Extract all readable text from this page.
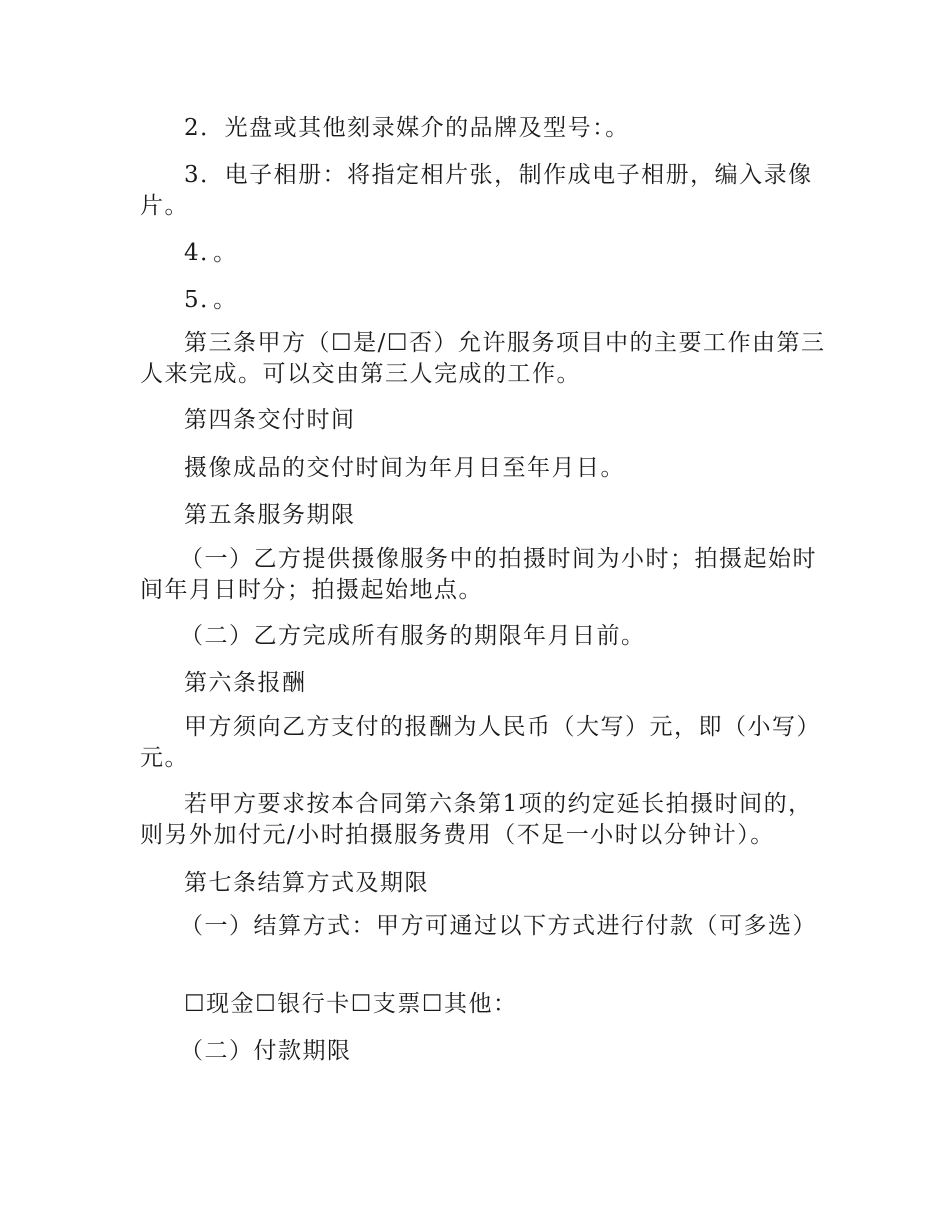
2．光盘或其他刻录媒介的品牌及型号：。

3．电子相册：将指定相片张，制作成电子相册，编入录像片。

4．。

5．。

第三条甲方（☐是/☐否）允许服务项目中的主要工作由第三人来完成。可以交由第三人完成的工作。

第四条交付时间

摄像成品的交付时间为年月日至年月日。

第五条服务期限

（一）乙方提供摄像服务中的拍摄时间为小时；拍摄起始时间年月日时分；拍摄起始地点。

（二）乙方完成所有服务的期限年月日前。

第六条报酬

甲方须向乙方支付的报酬为人民币（大写）元，即（小写）元。

若甲方要求按本合同第六条第1项的约定延长拍摄时间的，则另外加付元/小时拍摄服务费用（不足一小时以分钟计）。

第七条结算方式及期限

（一）结算方式：甲方可通过以下方式进行付款（可多选）

☐现金☐银行卡☐支票☐其他：

（二）付款期限
